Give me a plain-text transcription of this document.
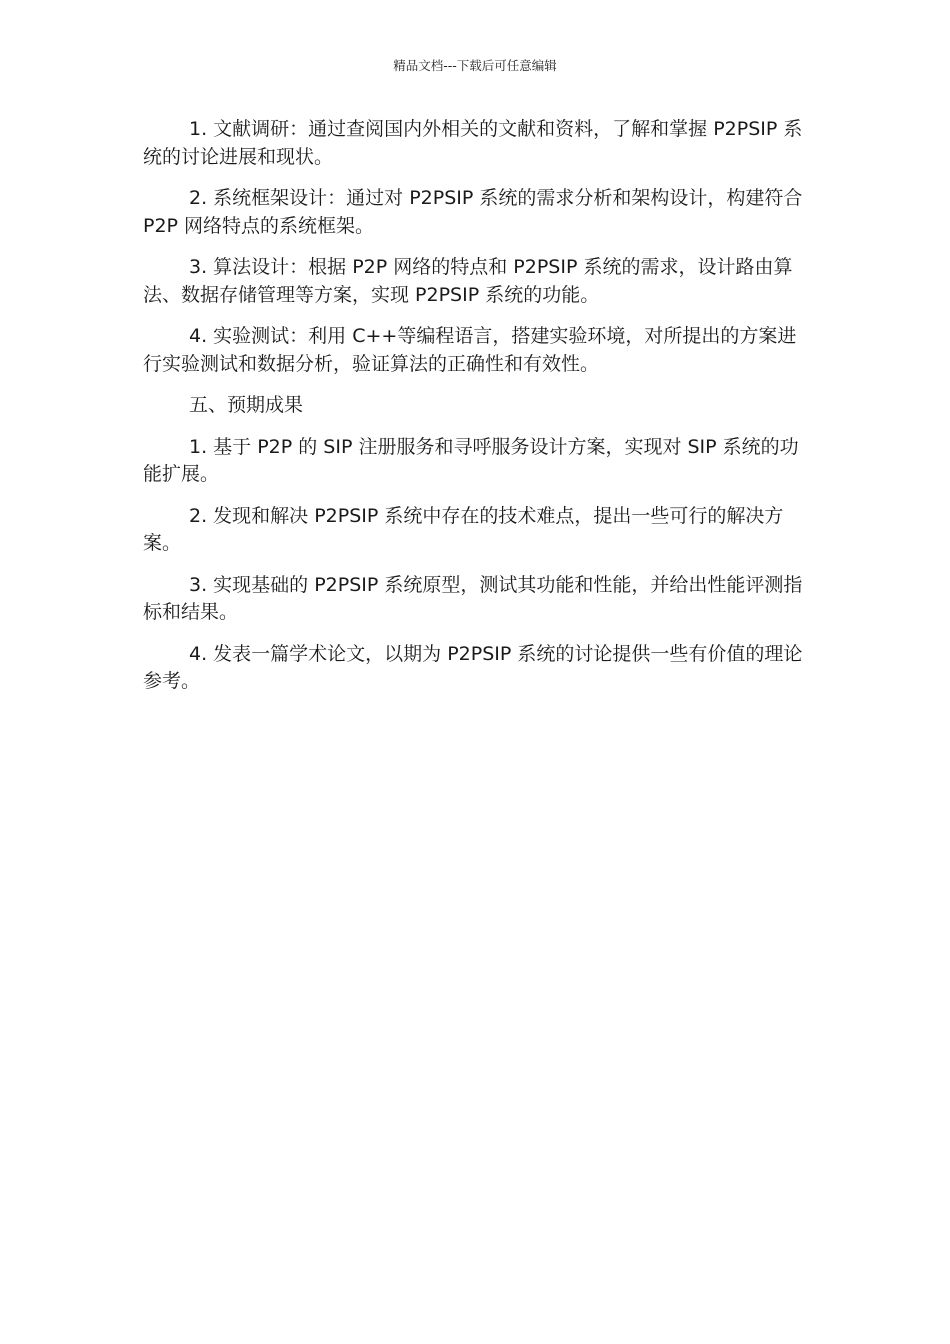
精品文档---下载后可任意编辑

1. 文献调研：通过查阅国内外相关的文献和资料，了解和掌握 P2PSIP 系统的讨论进展和现状。

2. 系统框架设计：通过对 P2PSIP 系统的需求分析和架构设计，构建符合 P2P 网络特点的系统框架。

3. 算法设计：根据 P2P 网络的特点和 P2PSIP 系统的需求，设计路由算法、数据存储管理等方案，实现 P2PSIP 系统的功能。

4. 实验测试：利用 C++等编程语言，搭建实验环境，对所提出的方案进行实验测试和数据分析，验证算法的正确性和有效性。

五、预期成果

1. 基于 P2P 的 SIP 注册服务和寻呼服务设计方案，实现对 SIP 系统的功能扩展。

2. 发现和解决 P2PSIP 系统中存在的技术难点，提出一些可行的解决方案。

3. 实现基础的 P2PSIP 系统原型，测试其功能和性能，并给出性能评测指标和结果。

4. 发表一篇学术论文，以期为 P2PSIP 系统的讨论提供一些有价值的理论参考。
